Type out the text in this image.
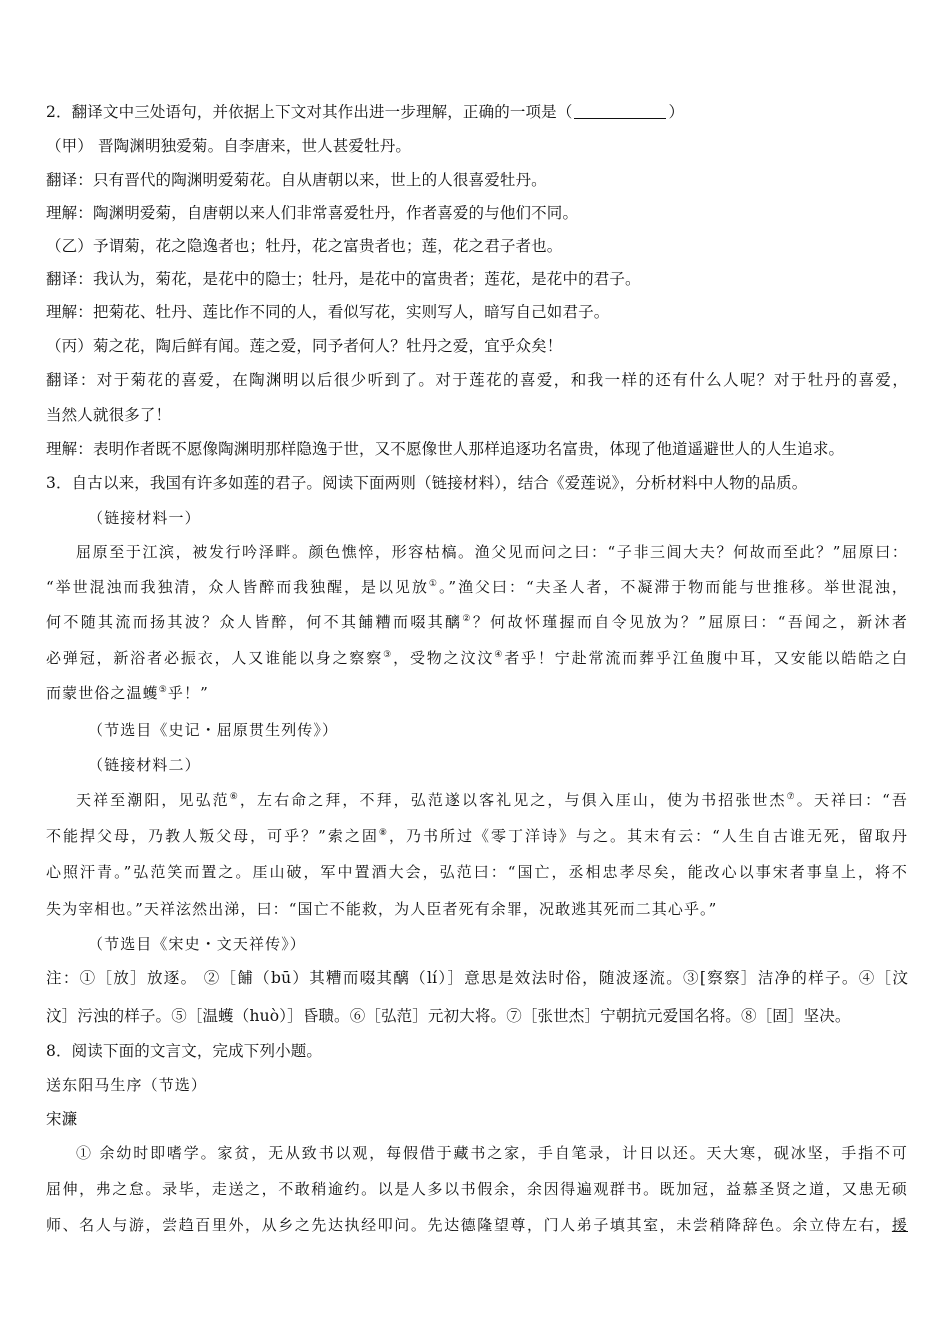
2．翻译文中三处语句，并依据上下文对其作出进一步理解，正确的一项是（	）
（甲） 晋陶渊明独爱菊。自李唐来，世人甚爱牡丹。
翻译：只有晋代的陶渊明爱菊花。自从唐朝以来，世上的人很喜爱牡丹。
理解：陶渊明爱菊，自唐朝以来人们非常喜爱牡丹，作者喜爱的与他们不同。
（乙）予谓菊，花之隐逸者也；牡丹，花之富贵者也；莲，花之君子者也。
翻译：我认为，菊花，是花中的隐士；牡丹，是花中的富贵者；莲花，是花中的君子。
理解：把菊花、牡丹、莲比作不同的人，看似写花，实则写人，暗写自己如君子。
（丙）菊之花，陶后鲜有闻。莲之爱，同予者何人？牡丹之爱，宜乎众矣！
翻译：对于菊花的喜爱，在陶渊明以后很少听到了。对于莲花的喜爱，和我一样的还有什么人呢？对于牡丹的喜爱，
当然人就很多了！
理解：表明作者既不愿像陶渊明那样隐逸于世，又不愿像世人那样追逐功名富贵，体现了他道遥避世人的人生追求。
3．自古以来，我国有许多如莲的君子。阅读下面两则（链接材料），结合《爱莲说》，分析材料中人物的品质。
（链接材料一）
屈原至于江滨，被发行吟泽畔。颜色憔悴，形容枯槁。渔父见而问之曰：“子非三闾大夫？何故而至此？”屈原曰：
“举世混浊而我独清，众人皆醉而我独醒，是以见放①。”渔父曰：“夫圣人者，不凝滞于物而能与世推移。举世混浊，
何不随其流而扬其波？众人皆醉，何不其餔糟而啜其醨②？何故怀瑾握而自令见放为？”屈原曰：“吾闻之，新沐者
必弹冠，新浴者必振衣，人又谁能以身之察察③，受物之汶汶④者乎！宁赴常流而葬乎江鱼腹中耳，又安能以皓皓之白
而蒙世俗之温蠖⑤乎！”
（节选目《史记・屈原贯生列传》）
（链接材料二）
天祥至潮阳，见弘范⑥，左右命之拜，不拜，弘范遂以客礼见之，与俱入厓山，使为书招张世杰⑦。天祥曰：“吾
不能捍父母，乃教人叛父母，可乎？”索之固⑧，乃书所过《零丁洋诗》与之。其末有云：“人生自古谁无死，留取丹
心照汗青。”弘范笑而置之。厓山破，军中置酒大会，弘范曰：“国亡，丞相忠孝尽矣，能改心以事宋者事皇上，将不
失为宰相也。”天祥泫然出涕，曰：“国亡不能救，为人臣者死有余罪，况敢逃其死而二其心乎。”
（节选目《宋史・文天祥传》）
注：①［放］放逐。 ②［餔（bū）其糟而啜其醨（lí）］意思是效法时俗，随波逐流。③[察察］洁净的样子。④［汶
汶］污浊的样子。⑤［温蠖（huò）］昏聩。⑥［弘范］元初大将。⑦［张世杰］宁朝抗元爱国名将。⑧［固］坚决。
8．阅读下面的文言文，完成下列小题。
送东阳马生序（节选）
宋濂
① 余幼时即嗜学。家贫，无从致书以观，每假借于藏书之家，手自笔录，计日以还。天大寒，砚冰坚，手指不可
屈伸，弗之怠。录毕，走送之，不敢稍逾约。以是人多以书假余，余因得遍观群书。既加冠，益慕圣贤之道，又患无硕
师、名人与游，尝趋百里外，从乡之先达执经叩问。先达德隆望尊，门人弟子填其室，未尝稍降辞色。余立侍左右，援
